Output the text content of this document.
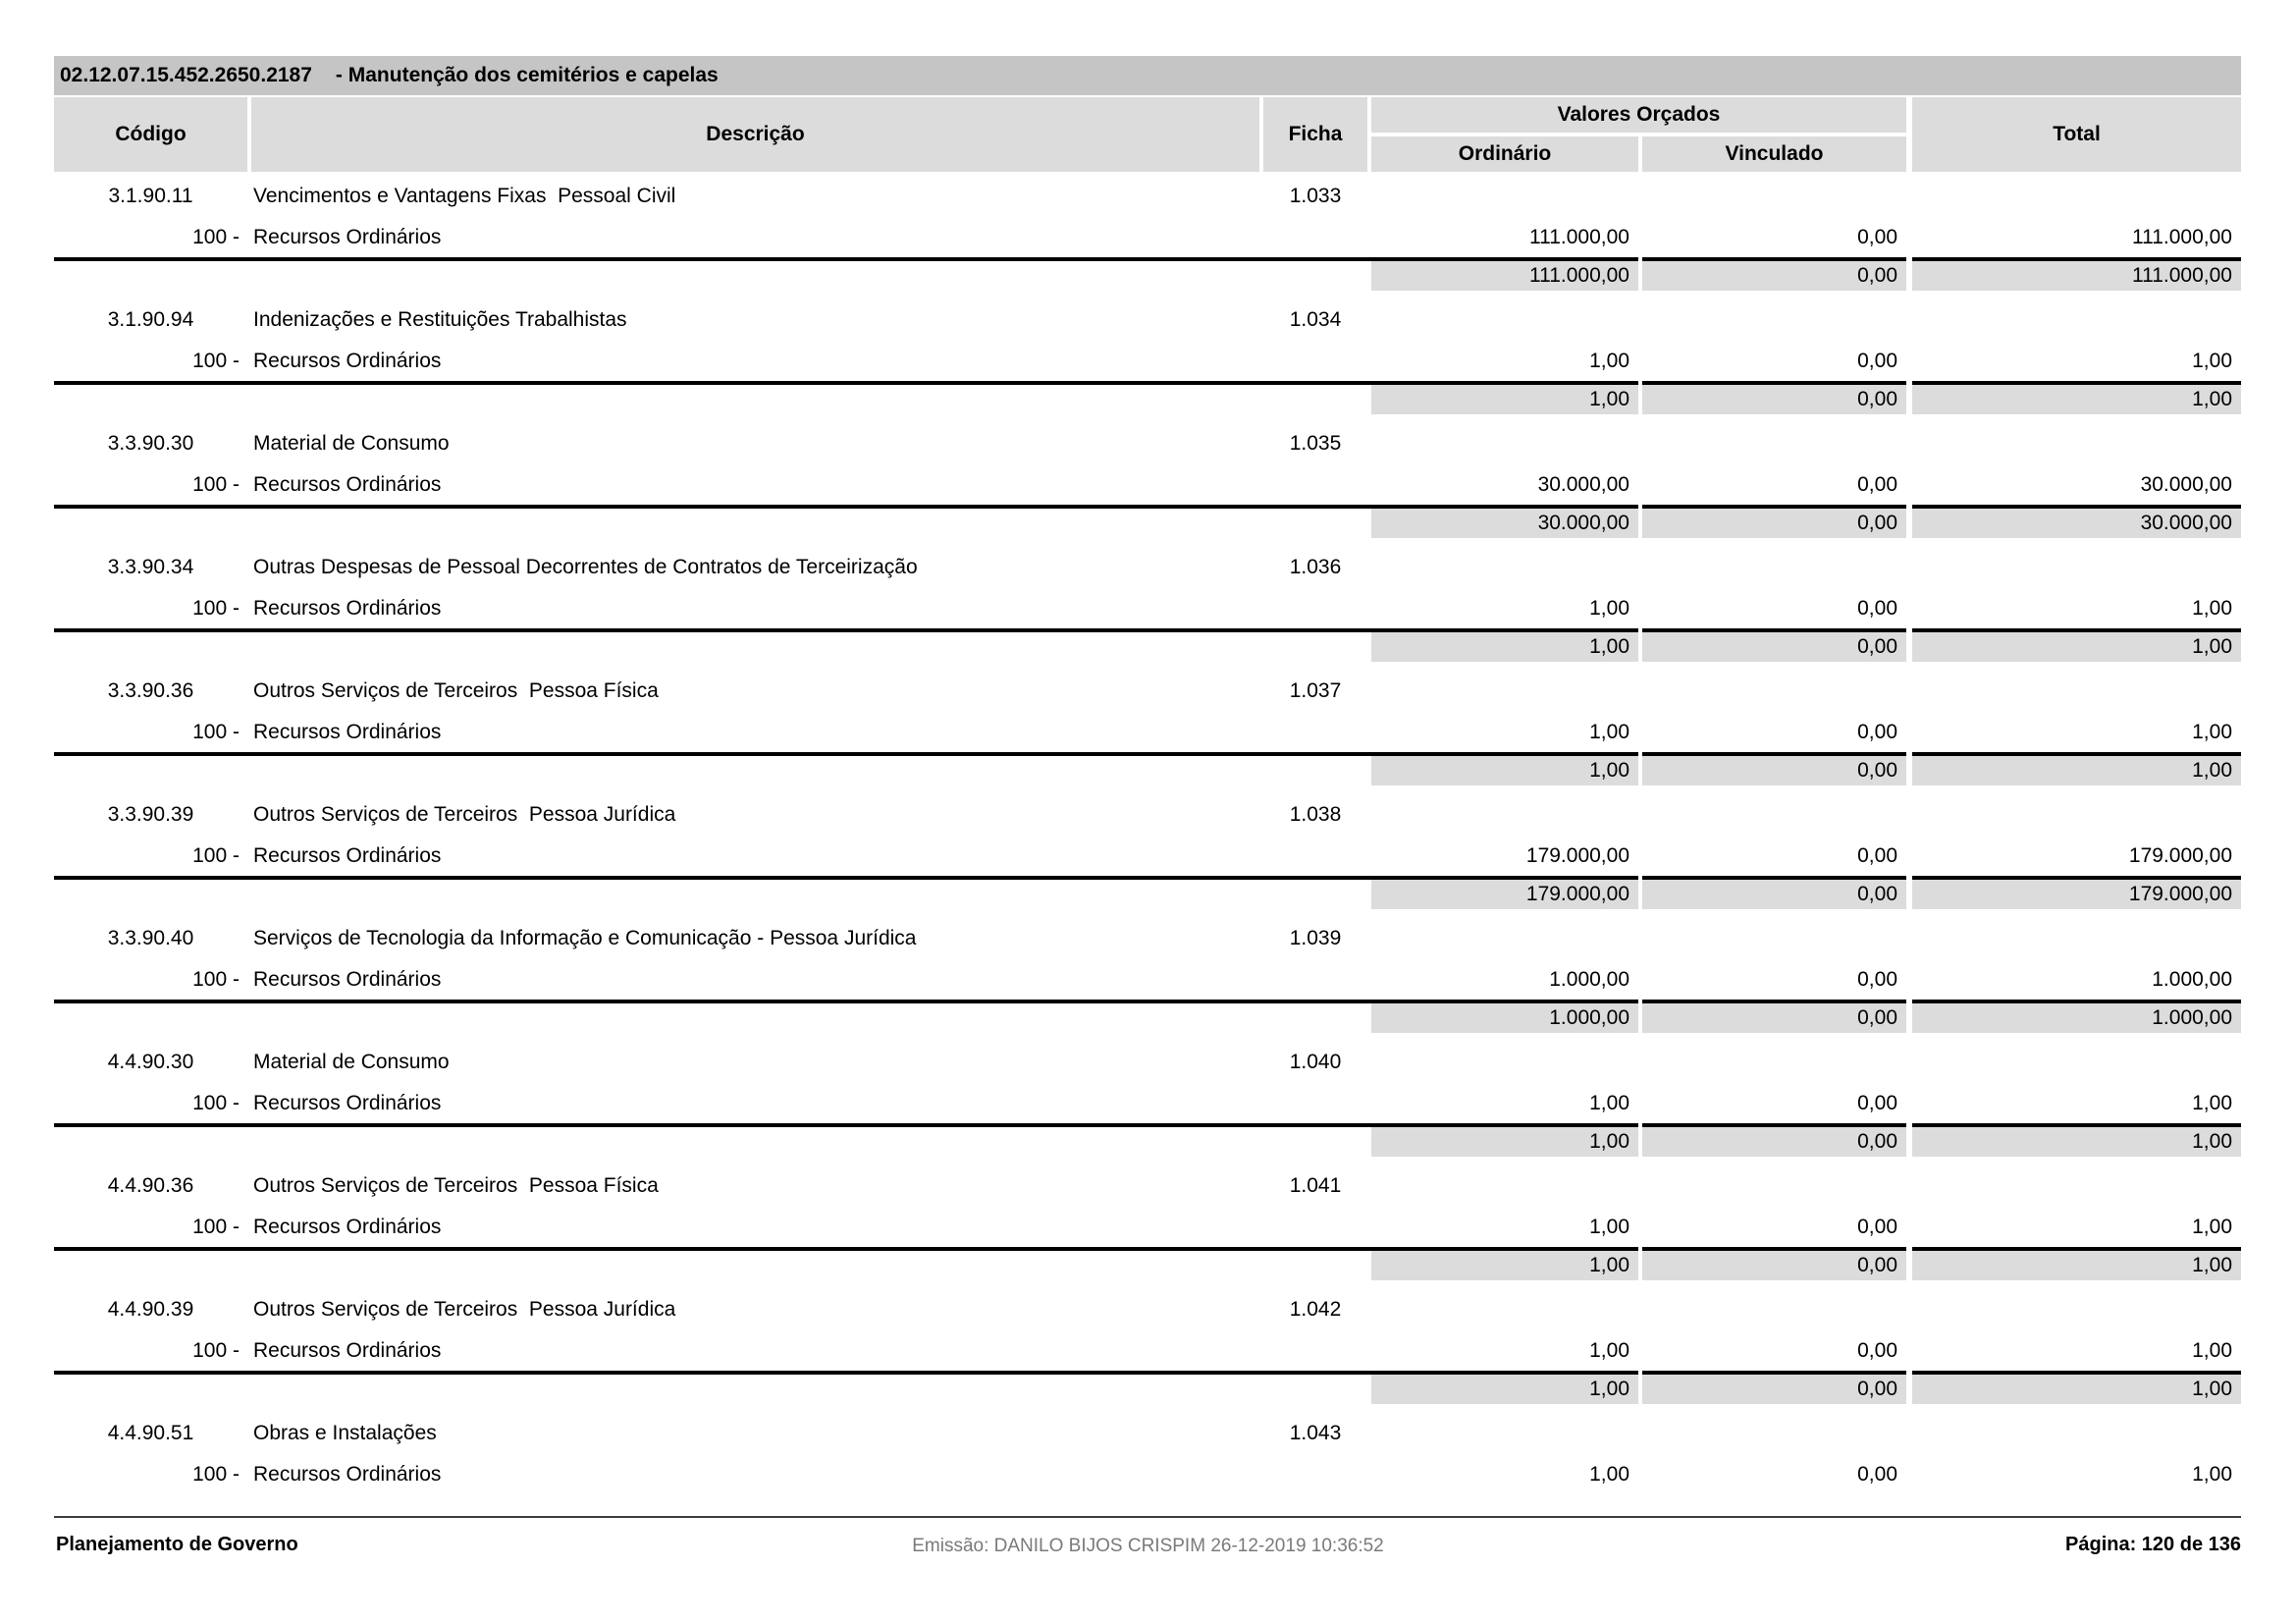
02.12.07.15.452.2650.2187 - Manutenção dos cemitérios e capelas
Código	Descrição	Ficha
Valores Orçados
Ordinário	Vinculado
Total
3.1.90.11	Vencimentos e Vantagens Fixas  Pessoal Civil	1.033
100 - Recursos Ordinários	111.000,00	0,00	111.000,00
111.000,00	0,00	111.000,00
3.1.90.94	Indenizações e Restituições Trabalhistas	1.034
100 - Recursos Ordinários	1,00	0,00	1,00
1,00	0,00	1,00
3.3.90.30	Material de Consumo	1.035
100 - Recursos Ordinários	30.000,00	0,00	30.000,00
30.000,00	0,00	30.000,00
3.3.90.34	Outras Despesas de Pessoal Decorrentes de Contratos de Terceirização	1.036
100 - Recursos Ordinários	1,00	0,00	1,00
1,00	0,00	1,00
3.3.90.36	Outros Serviços de Terceiros  Pessoa Física	1.037
100 - Recursos Ordinários	1,00	0,00	1,00
1,00	0,00	1,00
3.3.90.39	Outros Serviços de Terceiros  Pessoa Jurídica	1.038
100 - Recursos Ordinários	179.000,00	0,00	179.000,00
179.000,00	0,00	179.000,00
3.3.90.40	Serviços de Tecnologia da Informação e Comunicação - Pessoa Jurídica	1.039
100 - Recursos Ordinários	1.000,00	0,00	1.000,00
1.000,00	0,00	1.000,00
4.4.90.30	Material de Consumo	1.040
100 - Recursos Ordinários	1,00	0,00	1,00
1,00	0,00	1,00
4.4.90.36	Outros Serviços de Terceiros  Pessoa Física	1.041
100 - Recursos Ordinários	1,00	0,00	1,00
1,00	0,00	1,00
4.4.90.39	Outros Serviços de Terceiros  Pessoa Jurídica	1.042
100 - Recursos Ordinários	1,00	0,00	1,00
1,00	0,00	1,00
4.4.90.51	Obras e Instalações	1.043
100 - Recursos Ordinários	1,00	0,00	1,00
Planejamento de Governo	Emissão: DANILO BIJOS CRISPIM 26-12-2019 10:36:52	Página: 120 de 136
